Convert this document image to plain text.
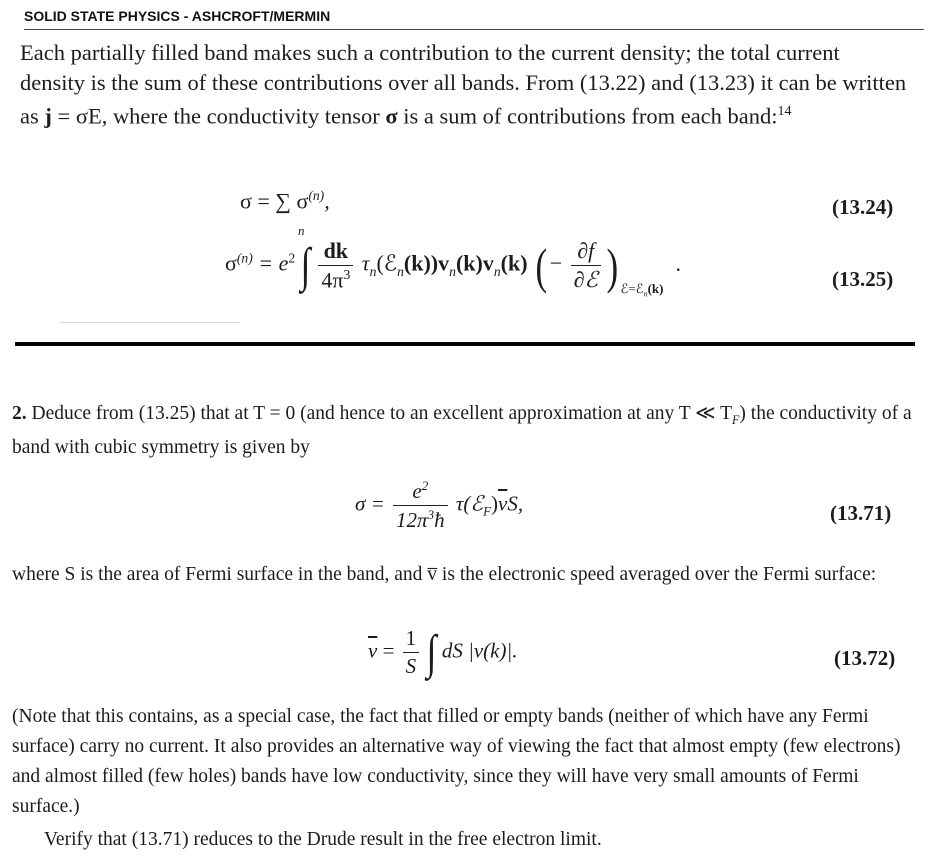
SOLID STATE PHYSICS - ASHCROFT/MERMIN

Each partially filled band makes such a contribution to the current density; the total current density is the sum of these contributions over all bands. From (13.22) and (13.23) it can be written as j = σE, where the conductivity tensor σ is a sum of contributions from each band:$^{14}$

σ = ∑ $\sigma^{(n)}$,
n
(13.24)
$\sigma^{(n)} = e^2$ ∫ $\frac{dk}{4\pi^3}$ $\tau_n(ℰ_n(k))v_n(k)v_n(k)$ ( − $\frac{\partial f}{\text{∂ℰ}}$ ) $_{ℰ=ℰ_n(k)}$.
(13.25)

2. Deduce from (13.25) that at T = 0 (and hence to an excellent approximation at any T ≪ $T_F$) the conductivity of a band with cubic symmetry is given by

$\sigma = \frac{e^2}{12\pi^3ħ}$ $\tau(ℰ_F)\overline{v}S$,	(13.71)

where S is the area of Fermi surface in the band, and v̅ is the electronic speed averaged over the Fermi surface:

$\overline{v} = \frac{1}{S}$ ∫ dS |v(k)|.	(13.72)

(Note that this contains, as a special case, the fact that filled or empty bands (neither of which have any Fermi surface) carry no current. It also provides an alternative way of viewing the fact that almost empty (few electrons) and almost filled (few holes) bands have low conductivity, since they will have very small amounts of Fermi surface.)

Verify that (13.71) reduces to the Drude result in the free electron limit.
